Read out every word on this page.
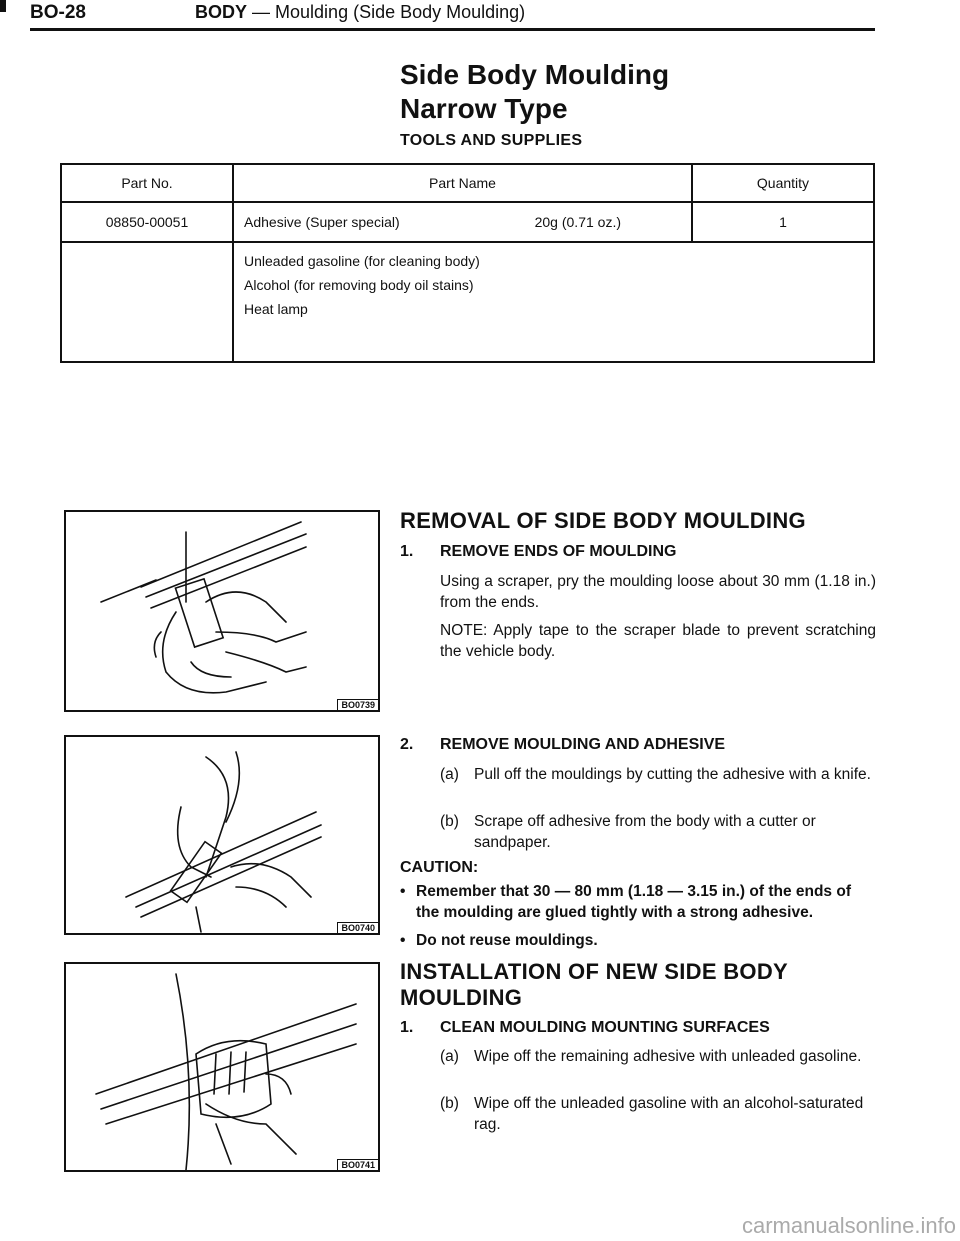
BO-28	BODY — Moulding (Side Body Moulding)
Side Body Moulding
Narrow Type
TOOLS AND SUPPLIES
Part No.	Part Name	Quantity
08850-00051	Adhesive (Super special) 20g (0.71 oz.)	1

	Unleaded gasoline (for cleaning body)
Alcohol (for removing body oil stains)
Heat lamp	
BO0739
BO0740
BO0741
REMOVAL OF SIDE BODY MOULDING
1. REMOVE ENDS OF MOULDING
Using a scraper, pry the moulding loose about 30 mm (1.18 in.) from the ends.
NOTE: Apply tape to the scraper blade to prevent scratching the vehicle body.
2. REMOVE MOULDING AND ADHESIVE
(a) Pull off the mouldings by cutting the adhesive with a knife.
(b) Scrape off adhesive from the body with a cutter or sandpaper.
CAUTION:
• Remember that 30 — 80 mm (1.18 — 3.15 in.) of the ends of the moulding are glued tightly with a strong adhesive.
• Do not reuse mouldings.
INSTALLATION OF NEW SIDE BODY
MOULDING
1. CLEAN MOULDING MOUNTING SURFACES
(a) Wipe off the remaining adhesive with unleaded gasoline.
(b) Wipe off the unleaded gasoline with an alcohol-saturated rag.
carmanualsonline.info
